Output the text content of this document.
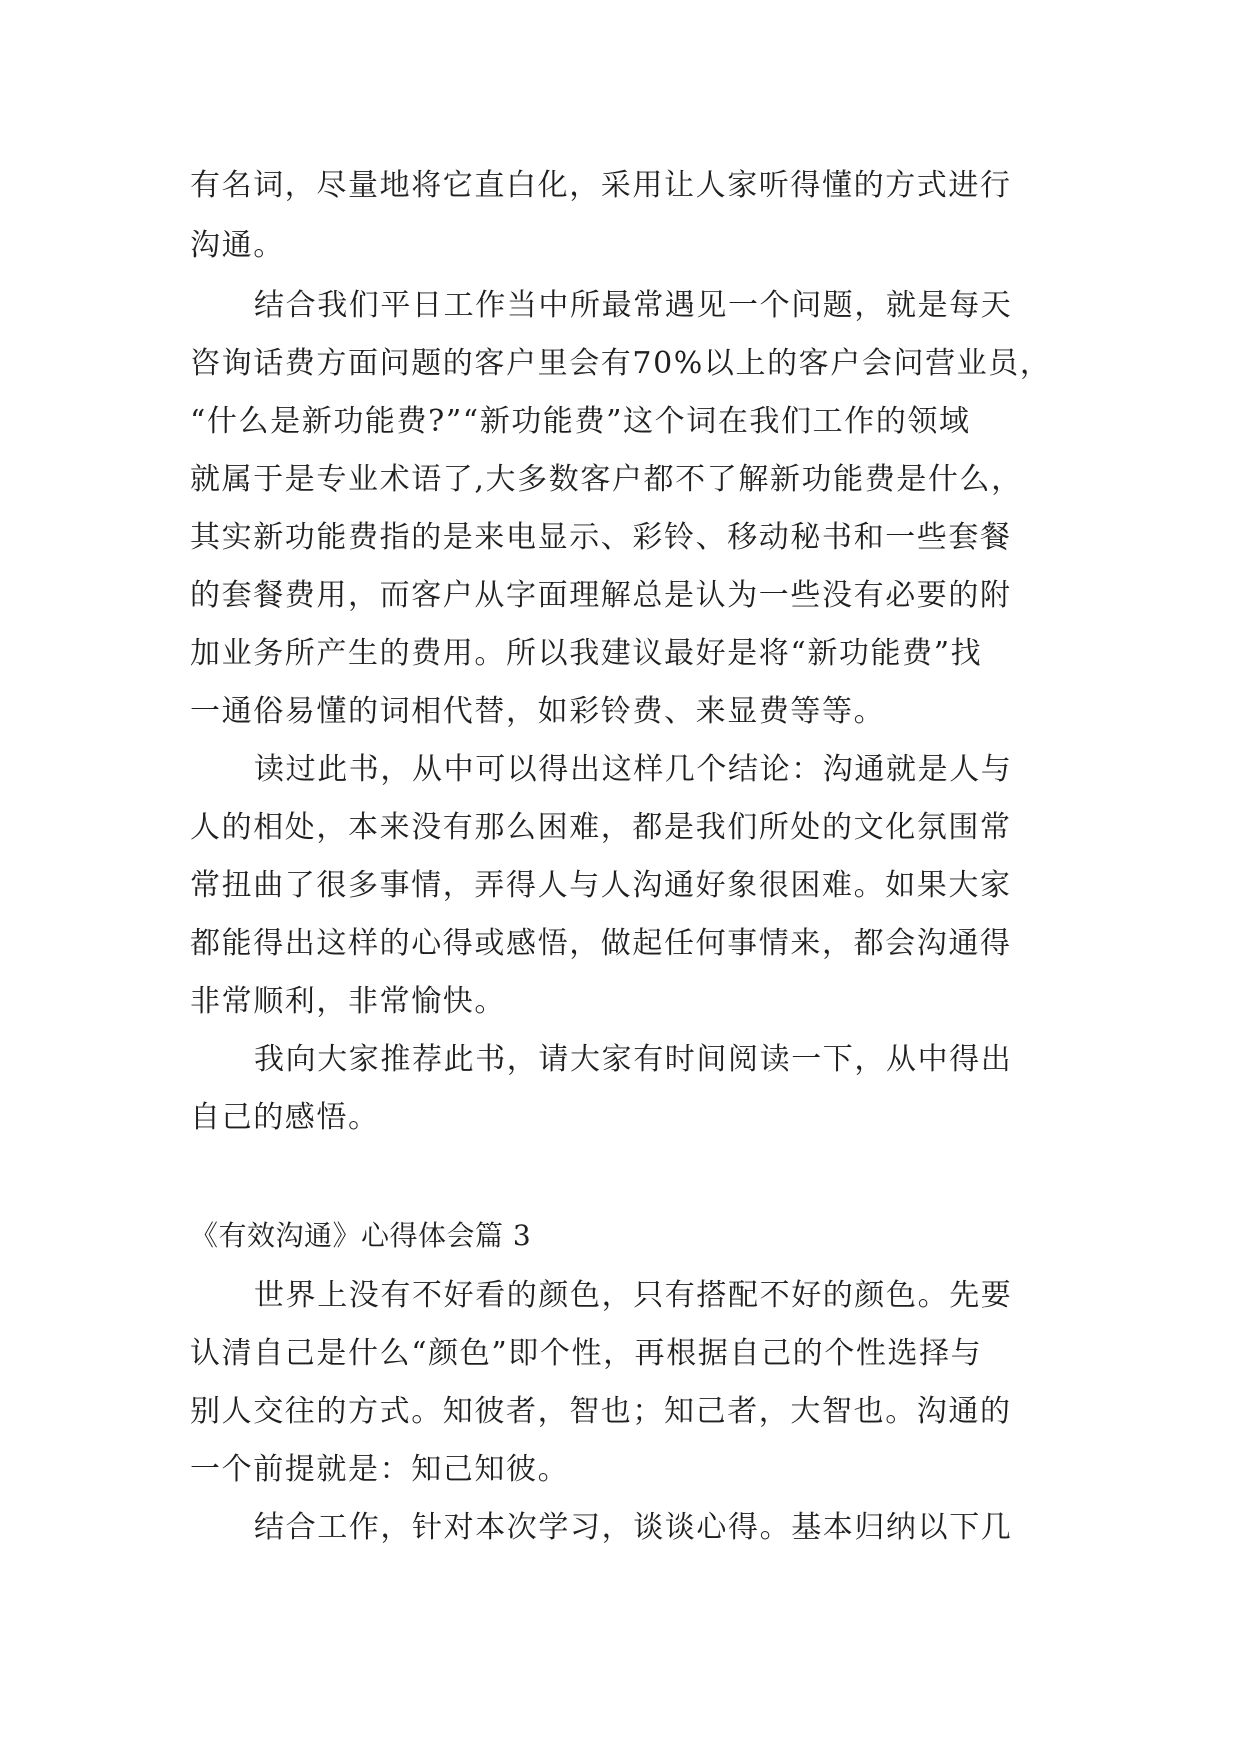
有名词，尽量地将它直白化，采用让人家听得懂的方式进行
沟通。
结合我们平日工作当中所最常遇见一个问题，就是每天
咨询话费方面问题的客户里会有70%以上的客户会问营业员，
“什么是新功能费?”“新功能费”这个词在我们工作的领域
就属于是专业术语了,大多数客户都不了解新功能费是什么，
其实新功能费指的是来电显示、彩铃、移动秘书和一些套餐
的套餐费用，而客户从字面理解总是认为一些没有必要的附
加业务所产生的费用。所以我建议最好是将“新功能费”找
一通俗易懂的词相代替，如彩铃费、来显费等等。
读过此书，从中可以得出这样几个结论：沟通就是人与
人的相处，本来没有那么困难，都是我们所处的文化氛围常
常扭曲了很多事情，弄得人与人沟通好象很困难。如果大家
都能得出这样的心得或感悟，做起任何事情来，都会沟通得
非常顺利，非常愉快。
我向大家推荐此书，请大家有时间阅读一下，从中得出
自己的感悟。
《有效沟通》心得体会篇 3
世界上没有不好看的颜色，只有搭配不好的颜色。先要
认清自己是什么“颜色”即个性，再根据自己的个性选择与
别人交往的方式。知彼者，智也；知己者，大智也。沟通的
一个前提就是：知己知彼。
结合工作，针对本次学习，谈谈心得。基本归纳以下几
